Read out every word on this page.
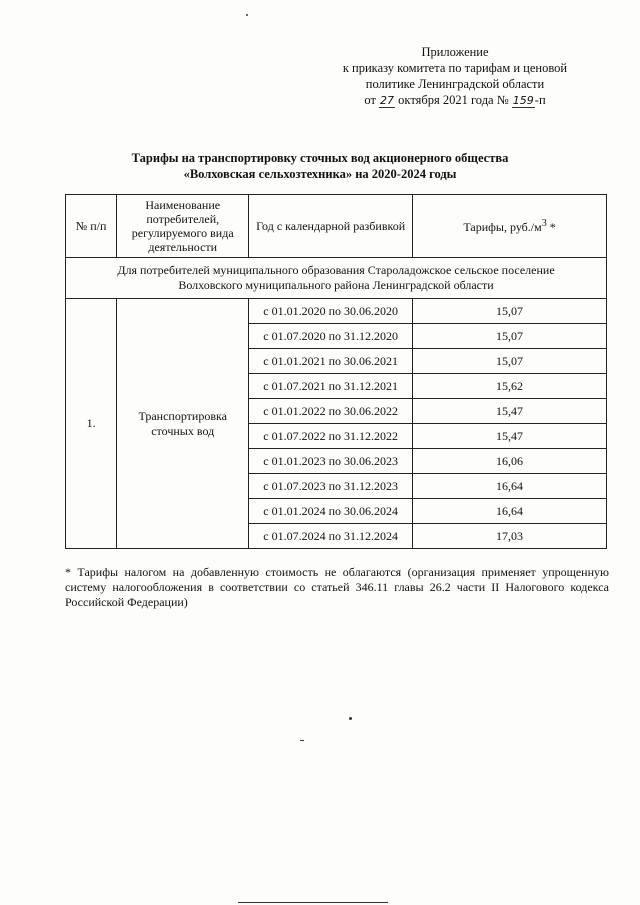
Приложение
к приказу комитета по тарифам и ценовой
политике Ленинградской области
от 27 октября 2021 года № 159-п
Тарифы на транспортировку сточных вод акционерного общества
«Волховская сельхозтехника» на 2020-2024 годы
№ п/п	Наименование потребителей, регулируемого вида деятельности	Год с календарной разбивкой	Тарифы, $руб./м^3$ *

Для потребителей муниципального образования Староладожское сельское поселение
Волховского муниципального района Ленинградской области			

1.	Транспортировка сточных вод	с 01.01.2020 по 30.06.2020	15,07
		с 01.07.2020 по 31.12.2020	15,07
		с 01.01.2021 по 30.06.2021	15,07
		с 01.07.2021 по 31.12.2021	15,62
		с 01.01.2022 по 30.06.2022	15,47
		с 01.07.2022 по 31.12.2022	15,47
		с 01.01.2023 по 30.06.2023	16,06
		с 01.07.2023 по 31.12.2023	16,64
		с 01.01.2024 по 30.06.2024	16,64
		с 01.07.2024 по 31.12.2024	17,03
* Тарифы налогом на добавленную стоимость не облагаются (организация применяет упрощенную систему налогообложения в соответствии со статьей 346.11 главы 26.2 части II Налогового кодекса Российской Федерации)
